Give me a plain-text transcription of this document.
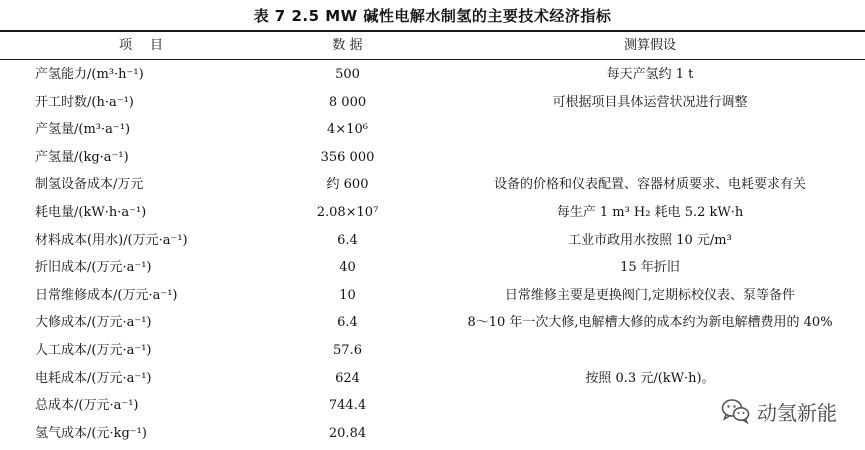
表 7 2.5 MW 碱性电解水制氢的主要技术经济指标
项目	数 据	测算假设
产氢能力/(m³·h⁻¹)	500	每天产氢约 1 t
开工时数/(h·a⁻¹)	8 000	可根据项目具体运营状况进行调整
产氢量/(m³·a⁻¹)	4×10⁶
产氢量/(kg·a⁻¹)	356 000
制氢设备成本/万元	约 600	设备的价格和仪表配置、容器材质要求、电耗要求有关
耗电量/(kW·h·a⁻¹)	2.08×10⁷	每生产 1 m³ H₂ 耗电 5.2 kW·h
材料成本(用水)/(万元·a⁻¹)	6.4	工业市政用水按照 10 元/m³
折旧成本/(万元·a⁻¹)	40	15 年折旧
日常维修成本/(万元·a⁻¹)	10	日常维修主要是更换阀门,定期标校仪表、泵等备件
大修成本/(万元·a⁻¹)	6.4	8～10 年一次大修,电解槽大修的成本约为新电解槽费用的 40%
人工成本/(万元·a⁻¹)	57.6
电耗成本/(万元·a⁻¹)	624	按照 0.3 元/(kW·h)。
总成本/(万元·a⁻¹)	744.4
氢气成本/(元·kg⁻¹)	20.84
动氢新能
